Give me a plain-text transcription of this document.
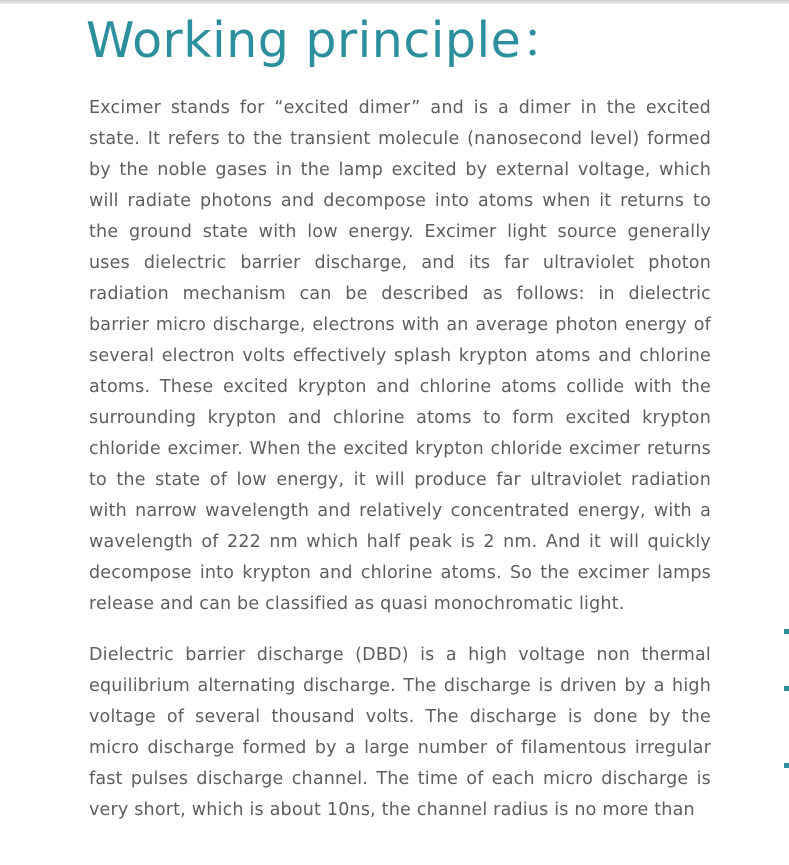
Working principle：

Excimer stands for “excited dimer” and is a dimer in the excited state. It refers to the transient molecule (nanosecond level) formed by the noble gases in the lamp excited by external voltage, which will radiate photons and decompose into atoms when it returns to the ground state with low energy. Excimer light source generally uses dielectric barrier discharge, and its far ultraviolet photon radiation mechanism can be described as follows: in dielectric barrier micro discharge, electrons with an average photon energy of several electron volts effectively splash krypton atoms and chlorine atoms. These excited krypton and chlorine atoms collide with the surrounding krypton and chlorine atoms to form excited krypton chloride excimer. When the excited krypton chloride excimer returns to the state of low energy, it will produce far ultraviolet radiation with narrow wavelength and relatively concentrated energy, with a wavelength of 222 nm which half peak is 2 nm. And it will quickly decompose into krypton and chlorine atoms. So the excimer lamps release and can be classified as quasi monochromatic light.

Dielectric barrier discharge (DBD) is a high voltage non thermal equilibrium alternating discharge. The discharge is driven by a high voltage of several thousand volts. The discharge is done by the micro discharge formed by a large number of filamentous irregular fast pulses discharge channel. The time of each micro discharge is very short, which is about 10ns, the channel radius is no more than
